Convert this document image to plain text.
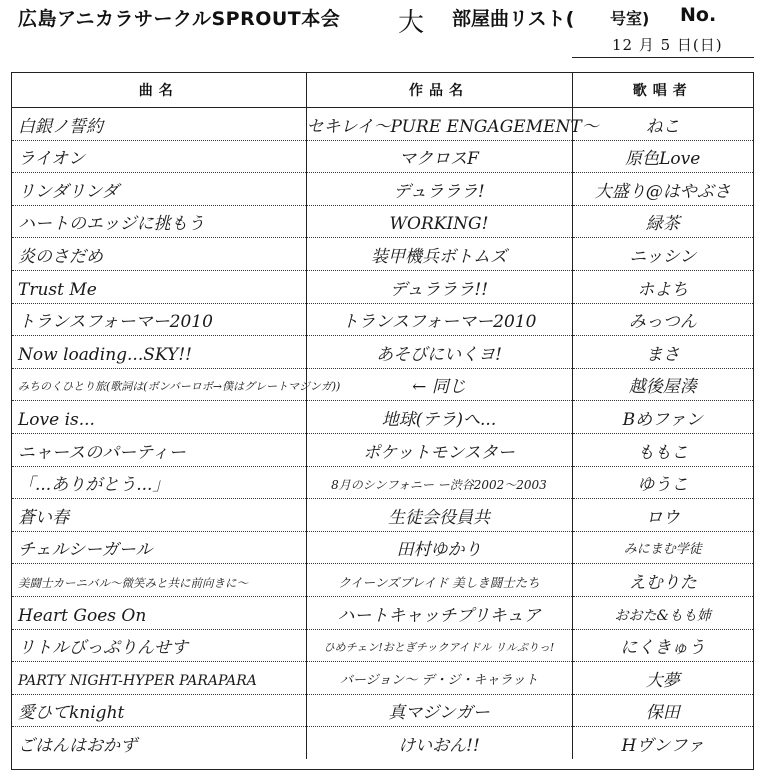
広島アニカラサークルSPROUT本会 大 部屋曲リスト( 号室) No.
12 月 5 日(日)
曲名	作品名	歌唱者
白銀ノ誓約	セキレイ〜PURE ENGAGEMENT〜	ねこ
ライオン	マクロスF	原色Love
リンダリンダ	デュラララ!	大盛り@はやぶさ
ハートのエッジに挑もう	WORKING!	緑茶
炎のさだめ	装甲機兵ボトムズ	ニッシン
Trust Me	デュラララ!!	ホよち
トランスフォーマー2010	トランスフォーマー2010	みっつん
Now loading...SKY!!	あそびにいくヨ!	まさ
みちのくひとり旅(歌詞は(ボンバーロボ→僕はグレートマジンガ))	← 同じ	越後屋湊
Love is...	地球(テラ)へ...	Bめファン
ニャースのパーティー	ポケットモンスター	ももこ
「...ありがとう...」	8月のシンフォニー ー渋谷2002〜2003	ゆうこ
蒼い春	生徒会役員共	ロウ
チェルシーガール	田村ゆかり	みにまむ学徒
美闘士カーニバル〜微笑みと共に前向きに〜	クイーンズブレイド 美しき闘士たち	えむりた
Heart Goes On	ハートキャッチプリキュア	おおた&もも姉
リトルびっぷりんせす	ひめチェン!おとぎチックアイドル リルぷりっ!	にくきゅう
PARTY NIGHT-HYPER PARAPARA	バージョン〜 デ・ジ・キャラット	大夢
愛ひてknight	真マジンガー	保田
ごはんはおかず	けいおん!!	Hヴンファ
